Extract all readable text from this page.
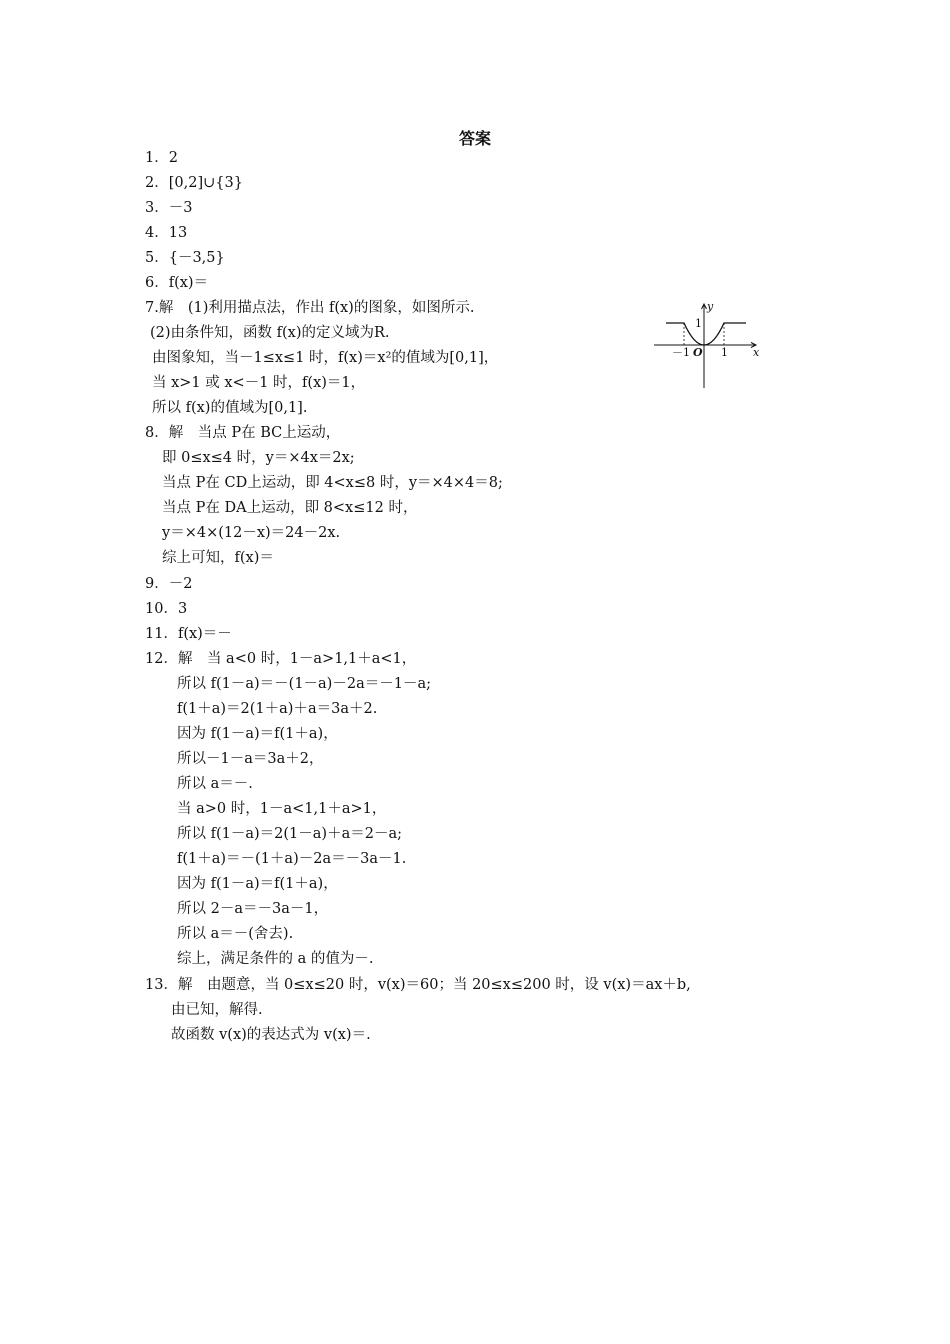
答案
1．2
2．[0,2]∪{3}
3．－3
4．13
5．{－3,5}
6．f(x)＝
7.解　(1)利用描点法，作出 f(x)的图象，如图所示.
(2)由条件知，函数 f(x)的定义域为R.
由图象知，当－1≤x≤1 时，f(x)＝x²的值域为[0,1]，
当 x>1 或 x<－1 时，f(x)＝1，
所以 f(x)的值域为[0,1].
8．解　当点 P在 BC上运动，
即 0≤x≤4 时，y＝×4x＝2x;
当点 P在 CD上运动，即 4<x≤8 时，y＝×4×4＝8;
当点 P在 DA上运动，即 8<x≤12 时，
y＝×4×(12－x)＝24－2x.
综上可知，f(x)＝
9．－2
10．3
11．f(x)＝－
12．解　当 a<0 时，1－a>1,1＋a<1，
所以 f(1－a)＝－(1－a)－2a＝－1－a;
f(1＋a)＝2(1＋a)＋a＝3a＋2.
因为 f(1－a)＝f(1＋a)，
所以－1－a＝3a＋2，
所以 a＝－.
当 a>0 时，1－a<1,1＋a>1，
所以 f(1－a)＝2(1－a)＋a＝2－a;
f(1＋a)＝－(1＋a)－2a＝－3a－1.
因为 f(1－a)＝f(1＋a)，
所以 2－a＝－3a－1，
所以 a＝－(舍去).
综上，满足条件的 a 的值为－.
13．解　由题意，当 0≤x≤20 时，v(x)＝60；当 20≤x≤200 时，设 v(x)＝ax＋b,
由已知，解得.
故函数 v(x)的表达式为 v(x)＝.
y
x
1
－1 O 1
